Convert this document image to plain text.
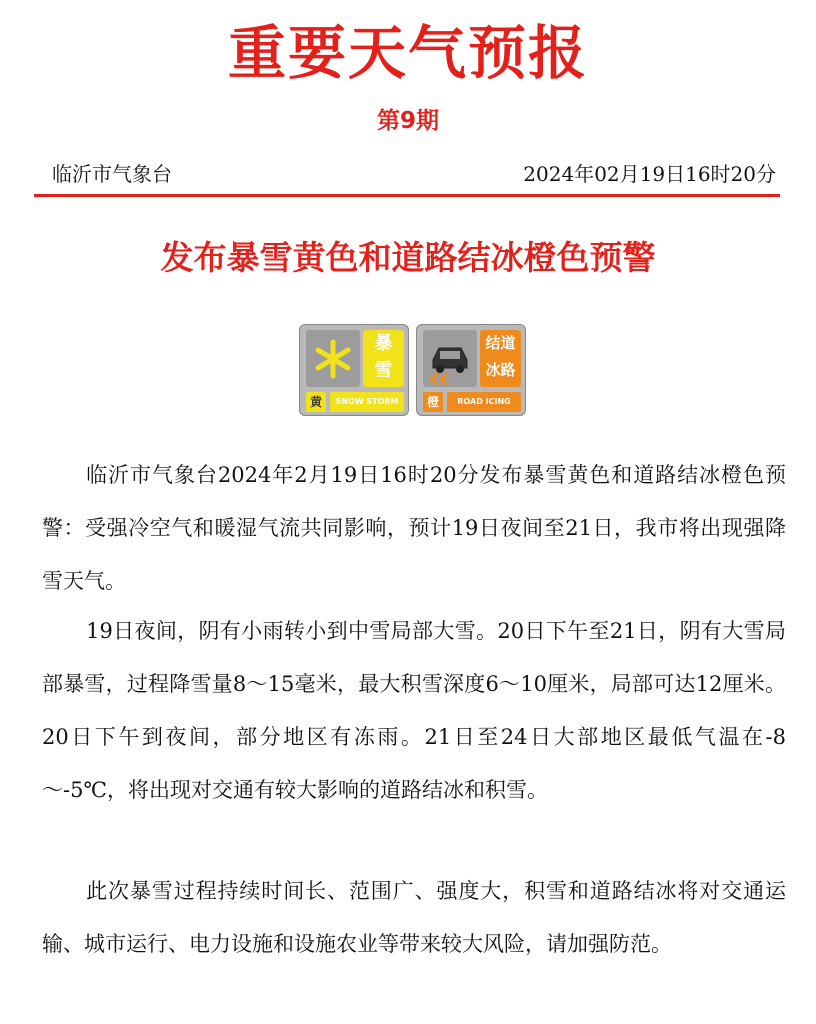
重要天气预报
第9期
临沂市气象台	2024年02月19日16时20分
发布暴雪黄色和道路结冰橙色预警
暴
雪
黄	SNOW STORM
结道
冰路
橙	ROAD ICING

临沂市气象台2024年2月19日16时20分发布暴雪黄色和道路结冰橙色预警：受强冷空气和暖湿气流共同影响，预计19日夜间至21日，我市将出现强降雪天气。

19日夜间，阴有小雨转小到中雪局部大雪。20日下午至21日，阴有大雪局部暴雪，过程降雪量8～15毫米，最大积雪深度6～10厘米，局部可达12厘米。20日下午到夜间，部分地区有冻雨。21日至24日大部地区最低气温在-8～-5℃，将出现对交通有较大影响的道路结冰和积雪。

此次暴雪过程持续时间长、范围广、强度大，积雪和道路结冰将对交通运输、城市运行、电力设施和设施农业等带来较大风险，请加强防范。
